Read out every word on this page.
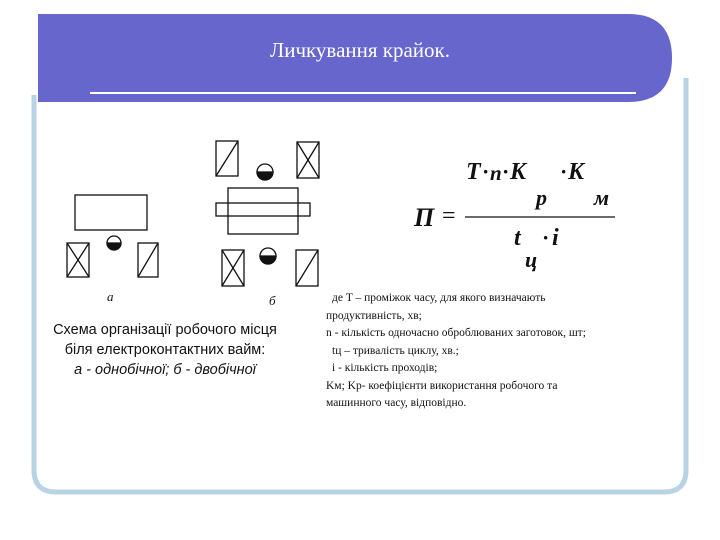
Личкування крайок.
а	б
Схема організації робочого місця
біля електроконтактних вайм:
а - однобічної; б - двобічної
П =
T · n · K
p
· K
м
t
ц
· i
де T – проміжок часу, для якого визначають
продуктивність, хв;
n - кількість одночасно оброблюваних заготовок, шт;
tц – тривалість циклу, хв.;
i - кількість проходів;
Kм; Kр- коефіцієнти використання робочого та
машинного часу, відповідно.
